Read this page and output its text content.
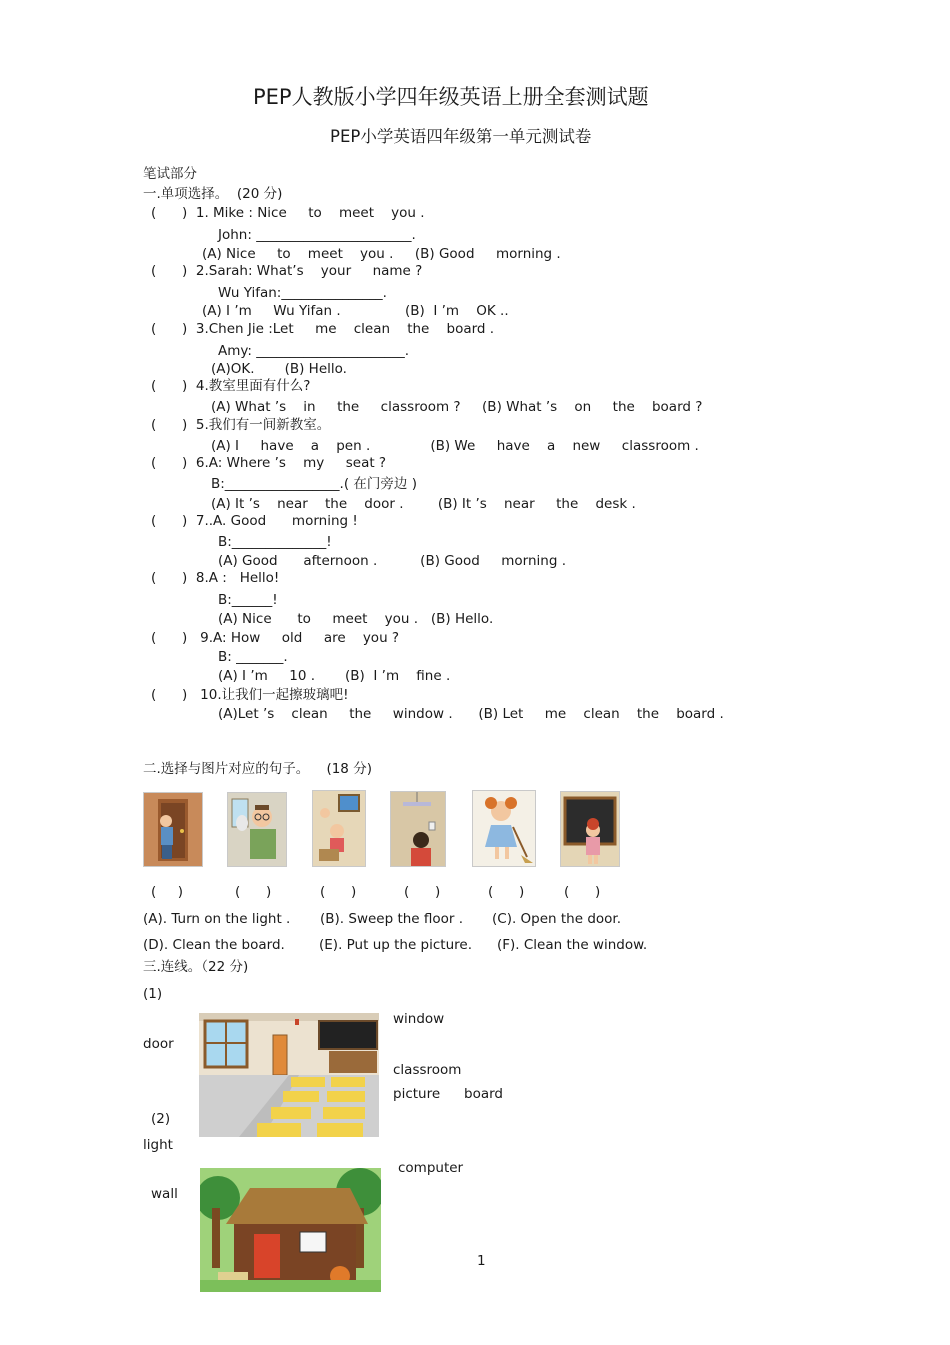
PEP人教版小学四年级英语上册全套测试题
PEP小学英语四年级第一单元测试卷
笔试部分
一.单项选择。  (20 分)
(      )  1. Mike : Nice     to    meet    you .
John: _______________________.
(A) Nice     to    meet    you .     (B) Good     morning .
(      )  2.Sarah: What’s    your     name ?
Wu Yifan:_______________.
(A) I ’m     Wu Yifan .               (B)  I ’m    OK ..
(      )  3.Chen Jie :Let     me    clean    the    board .
Amy: ______________________.
(A)OK.       (B) Hello.
(      )  4.教室里面有什么?
(A) What ’s    in     the     classroom ?     (B) What ’s    on     the    board ?
(      )  5.我们有一间新教室。
(A) I     have    a    pen .              (B) We     have    a    new     classroom .
(      )  6.A: Where ’s    my     seat ?
B:_________________.( 在门旁边 )
(A) It ’s    near    the    door .        (B) It ’s    near     the    desk .
(      )  7..A. Good      morning !
B:______________!
(A) Good      afternoon .          (B) Good     morning .
(      )  8.A :   Hello!
B:______!
(A) Nice      to     meet    you .   (B) Hello.
(      )   9.A: How     old     are    you ?
B: _______.
(A) I ’m     10 .       (B)  I ’m    fine .
(      )   10.让我们一起擦玻璃吧!
(A)Let ’s    clean     the     window .      (B) Let     me    clean    the    board .
二.选择与图片对应的句子。    (18 分)
(     )	(      )	(      )	(      )	(      )	(      )
(A). Turn on the light . (B). Sweep the floor . (C). Open the door.
(D). Clean the board.	(E). Put up the picture. (F). Clean the window.
三.连线。（22 分)
(1)
window
door
classroom
picture board
(2)
light
computer
wall
1
